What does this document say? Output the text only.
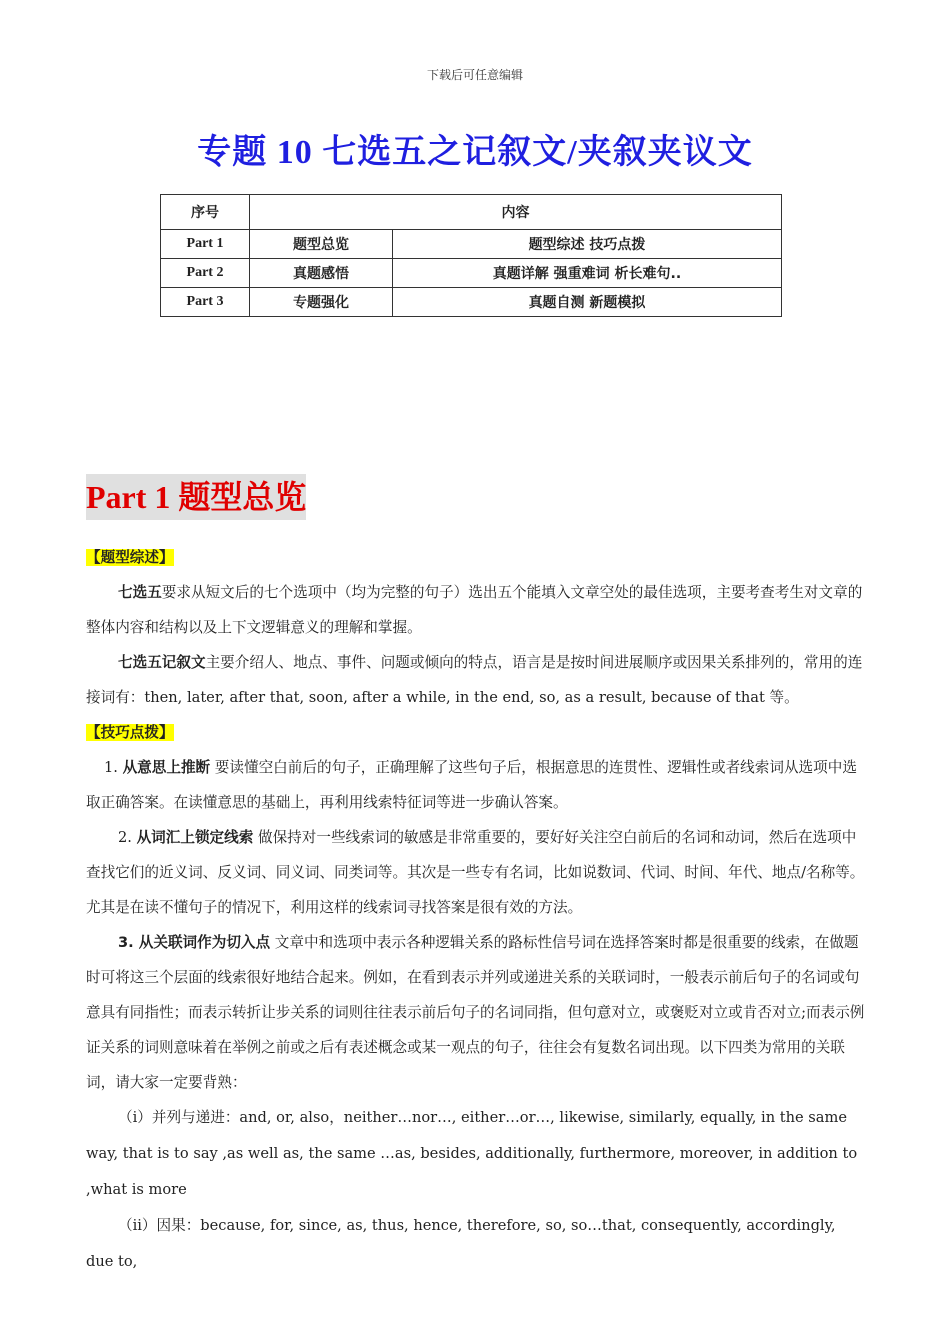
下载后可任意编辑
专题 10 七选五之记叙文/夹叙夹议文
序号	内容	
Part 1	题型总览	题型综述 技巧点拨
Part 2	真题感悟	真题详解 强重难词 析长难句..
Part 3	专题强化	真题自测 新题模拟
Part 1 题型总览

【题型综述】

七选五要求从短文后的七个选项中（均为完整的句子）选出五个能填入文章空处的最佳选项，主要考查考生对文章的整体内容和结构以及上下文逻辑意义的理解和掌握。

七选五记叙文主要介绍人、地点、事件、问题或倾向的特点，语言是是按时间进展顺序或因果关系排列的，常用的连接词有：then, later, after that, soon, after a while, in the end, so, as a result, because of that 等。

【技巧点拨】

1. 从意思上推断 要读懂空白前后的句子，正确理解了这些句子后，根据意思的连贯性、逻辑性或者线索词从选项中选取正确答案。在读懂意思的基础上，再利用线索特征词等进一步确认答案。

2. 从词汇上锁定线索 做保持对一些线索词的敏感是非常重要的，要好好关注空白前后的名词和动词，然后在选项中查找它们的近义词、反义词、同义词、同类词等。其次是一些专有名词，比如说数词、代词、时间、年代、地点/名称等。尤其是在读不懂句子的情况下，利用这样的线索词寻找答案是很有效的方法。

3. 从关联词作为切入点 文章中和选项中表示各种逻辑关系的路标性信号词在选择答案时都是很重要的线索，在做题时可将这三个层面的线索很好地结合起来。例如，在看到表示并列或递进关系的关联词时，一般表示前后句子的名词或句意具有同指性；而表示转折让步关系的词则往往表示前后句子的名词同指，但句意对立，或褒贬对立或肯否对立;而表示例证关系的词则意味着在举例之前或之后有表述概念或某一观点的句子，往往会有复数名词出现。以下四类为常用的关联词，请大家一定要背熟：

（i）并列与递进：and, or, also，neither…nor…, either…or…, likewise, similarly, equally, in the same way, that is to say ,as well as, the same …as, besides, additionally, furthermore, moreover, in addition to ,what is more

（ii）因果：because, for, since, as, thus, hence, therefore, so, so…that, consequently, accordingly, due to,
